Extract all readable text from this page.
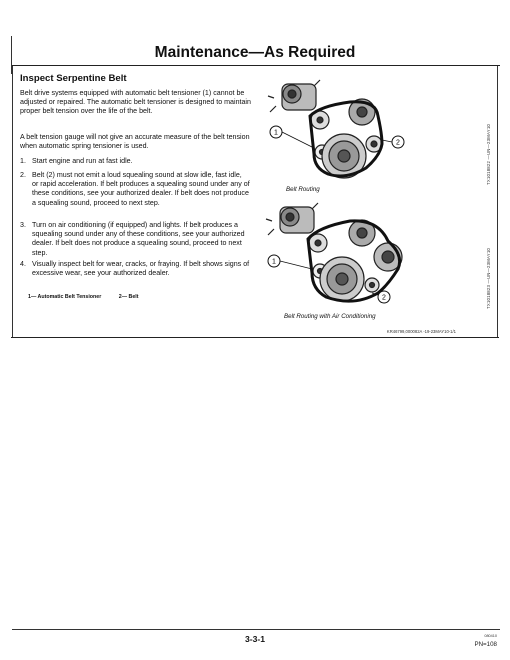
Maintenance—As Required
Inspect Serpentine Belt
Belt drive systems equipped with automatic belt tensioner (1) cannot be adjusted or repaired. The automatic belt tensioner is designed to maintain proper belt tension over the life of the belt.
A belt tension gauge will not give an accurate measure of the belt tension when automatic spring tensioner is used.
1. Start engine and run at fast idle.
2. Belt (2) must not emit a loud squealing sound at slow idle, fast idle, or rapid acceleration. If belt produces a squealing sound under any of these conditions, see your authorized dealer. If belt does not produce a squealing sound, proceed to next step.
3. Turn on air conditioning (if equipped) and lights. If belt produces a squealing sound under any of these conditions, see your authorized dealer. If belt does not produce a squealing sound, proceed to next step.
4. Visually inspect belt for wear, cracks, or fraying. If belt shows signs of excessive wear, see your authorized dealer.
1— Automatic Belt Tensioner	2— Belt
1
2
Belt Routing
TX1018822 —UN—23MAY10
1
2
Belt Routing with Air Conditioning
TX1018823 —UN—23MAY10
KR46799,000082A -19-23MAY10-1/1
3-3-1	080410
PN=108
